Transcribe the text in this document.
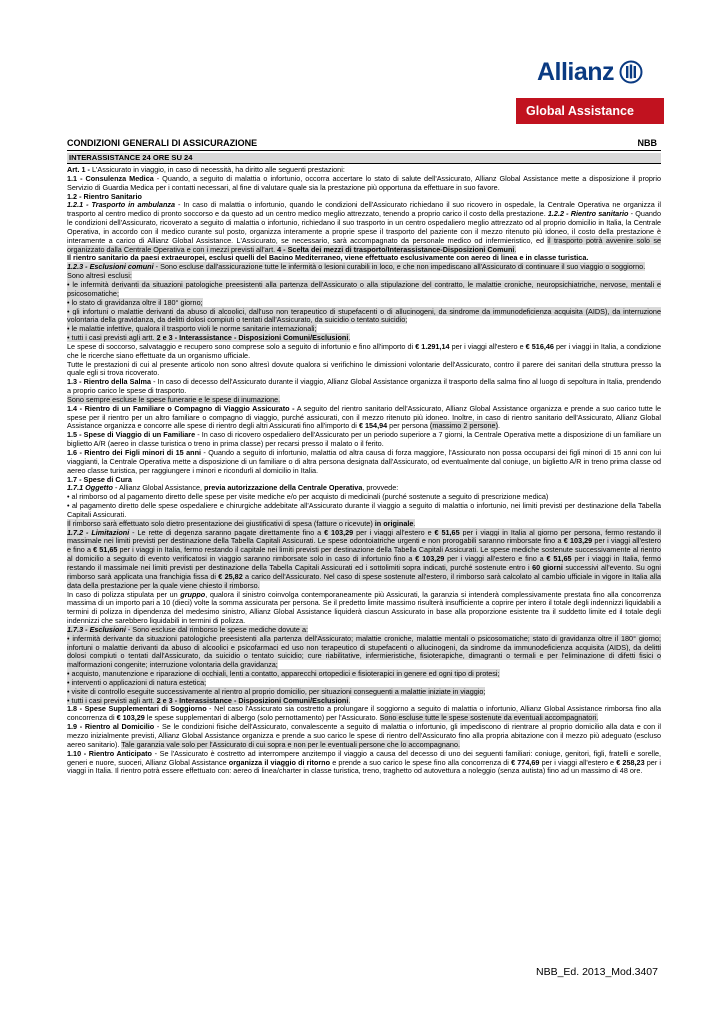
Allianz
Global Assistance
CONDIZIONI GENERALI DI ASSICURAZIONE	NBB
INTERASSISTANCE 24 ORE SU 24

Art. 1 - L'Assicurato in viaggio, in caso di necessità, ha diritto alle seguenti prestazioni:

1.1 - Consulenza Medica - Quando, a seguito di malattia o infortunio, occorra accertare lo stato di salute dell'Assicurato, Allianz Global Assistance mette a disposizione il proprio Servizio di Guardia Medica per i contatti necessari, al fine di valutare quale sia la prestazione più opportuna da effettuare in suo favore.

1.2 - Rientro Sanitario

1.2.1 - Trasporto in ambulanza - In caso di malattia o infortunio, quando le condizioni dell'Assicurato richiedano il suo ricovero in ospedale, la Centrale Operativa ne organizza il trasporto al centro medico di pronto soccorso e da questo ad un centro medico meglio attrezzato, tenendo a proprio carico il costo della prestazione. 1.2.2 - Rientro sanitario - Quando le condizioni dell'Assicurato, ricoverato a seguito di malattia o infortunio, richiedano il suo trasporto in un centro ospedaliero meglio attrezzato od al proprio domicilio in Italia, la Centrale Operativa, in accordo con il medico curante sul posto, organizza interamente a proprie spese il trasporto del paziente con il mezzo ritenuto più idoneo, il costo della prestazione è interamente a carico di Allianz Global Assistance. L'Assicurato, se necessario, sarà accompagnato da personale medico od infermieristico, ed il trasporto potrà avvenire solo se organizzato dalla Centrale Operativa e con i mezzi previsti all'art. 4 - Scelta dei mezzi di trasporto/Interassistance-Disposizioni Comuni.

Il rientro sanitario da paesi extraeuropei, esclusi quelli del Bacino Mediterraneo, viene effettuato esclusivamente con aereo di linea e in classe turistica.

1.2.3 - Esclusioni comuni - Sono escluse dall'assicurazione tutte le infermità o lesioni curabili in loco, e che non impediscano all'Assicurato di continuare il suo viaggio o soggiorno.

Sono altresì esclusi:

• le infermità derivanti da situazioni patologiche preesistenti alla partenza dell'Assicurato o alla stipulazione del contratto, le malattie croniche, neuropsichiatriche, nervose, mentali e psicosomatiche;

• lo stato di gravidanza oltre il 180° giorno;

• gli infortuni o malattie derivanti da abuso di alcoolici, dall'uso non terapeutico di stupefacenti o di allucinogeni, da sindrome da immunodeficienza acquisita (AIDS), da interruzione volontaria della gravidanza, da delitti dolosi compiuti o tentati dall'Assicurato, da suicidio o tentato suicidio;

• le malattie infettive, qualora il trasporto violi le norme sanitarie internazionali;

• tutti i casi previsti agli artt. 2 e 3 - Interassistance - Disposizioni Comuni/Esclusioni.

Le spese di soccorso, salvataggio e recupero sono comprese solo a seguito di infortunio e fino all'importo di € 1.291,14 per i viaggi all'estero e € 516,46 per i viaggi in Italia, a condizione che le ricerche siano effettuate da un organismo ufficiale.

Tutte le prestazioni di cui al presente articolo non sono altresì dovute qualora si verifichino le dimissioni volontarie dell'Assicurato, contro il parere dei sanitari della struttura presso la quale egli si trova ricoverato.

1.3 - Rientro della Salma - In caso di decesso dell'Assicurato durante il viaggio, Allianz Global Assistance organizza il trasporto della salma fino al luogo di sepoltura in Italia, prendendo a proprio carico le spese di trasporto.

Sono sempre escluse le spese funerarie e le spese di inumazione.

1.4 - Rientro di un Familiare o Compagno di Viaggio Assicurato - A seguito del rientro sanitario dell'Assicurato, Allianz Global Assistance organizza e prende a suo carico tutte le spese per il rientro per un altro familiare o compagno di viaggio, purché assicurati, con il mezzo ritenuto più idoneo. Inoltre, in caso di rientro sanitario dell'Assicurato, Allianz Global Assistance organizza e concorre alle spese di rientro degli altri Assicurati fino all'importo di € 154,94 per persona (massimo 2 persone).

1.5 - Spese di Viaggio di un Familiare - In caso di ricovero ospedaliero dell'Assicurato per un periodo superiore a 7 giorni, la Centrale Operativa mette a disposizione di un familiare un biglietto A/R (aereo in classe turistica o treno in prima classe) per recarsi presso il malato o il ferito.

1.6 - Rientro dei Figli minori di 15 anni - Quando a seguito di infortunio, malattia od altra causa di forza maggiore, l'Assicurato non possa occuparsi dei figli minori di 15 anni con lui viaggianti, la Centrale Operativa mette a disposizione di un familiare o di altra persona designata dall'Assicurato, od eventualmente dal coniuge, un biglietto A/R in treno prima classe od aereo classe turistica, per raggiungere i minori e ricondurli al domicilio in Italia.

1.7 - Spese di Cura

1.7.1 Oggetto - Allianz Global Assistance, previa autorizzazione della Centrale Operativa, provvede:

• al rimborso od al pagamento diretto delle spese per visite mediche e/o per acquisto di medicinali (purché sostenute a seguito di prescrizione medica)

• al pagamento diretto delle spese ospedaliere e chirurgiche addebitate all'Assicurato durante il viaggio a seguito di malattia o infortunio, nei limiti previsti per destinazione della Tabella Capitali Assicurati.

Il rimborso sarà effettuato solo dietro presentazione dei giustificativi di spesa (fatture o ricevute) in originale.

1.7.2 - Limitazioni - Le rette di degenza saranno pagate direttamente fino a € 103,29 per i viaggi all'estero e € 51,65 per i viaggi in Italia al giorno per persona, fermo restando il massimale nei limiti previsti per destinazione della Tabella Capitali Assicurati. Le spese odontoiatriche urgenti e non prorogabili saranno rimborsate fino a € 103,29 per i viaggi all'estero e fino a € 51,65 per i viaggi in Italia, fermo restando il capitale nei limiti previsti per destinazione della Tabella Capitali Assicurati. Le spese mediche sostenute successivamente al rientro al domicilio a seguito di evento verificatosi in viaggio saranno rimborsate solo in caso di infortunio fino a € 103,29 per i viaggi all'estero e fino a € 51,65 per i viaggi in Italia, fermo restando il massimale nei limiti previsti per destinazione della Tabella Capitali Assicurati ed i sottolimiti sopra indicati, purché sostenute entro i 60 giorni successivi all'evento. Su ogni rimborso sarà applicata una franchigia fissa di € 25,82 a carico dell'Assicurato. Nel caso di spese sostenute all'estero, il rimborso sarà calcolato al cambio ufficiale in vigore in Italia alla data della prestazione per la quale viene chiesto il rimborso.

In caso di polizza stipulata per un gruppo, qualora il sinistro coinvolga contemporaneamente più Assicurati, la garanzia si intenderà complessivamente prestata fino alla concorrenza massima di un importo pari a 10 (dieci) volte la somma assicurata per persona. Se il predetto limite massimo risulterà insufficiente a coprire per intero il totale degli indennizzi liquidabili a termini di polizza in dipendenza del medesimo sinistro, Allianz Global Assistance liquiderà ciascun Assicurato in base alla proporzione esistente tra il suddetto limite ed il totale degli indennizzi che sarebbero liquidabili in termini di polizza.

1.7.3 - Esclusioni - Sono escluse dal rimborso le spese mediche dovute a:

• infermità derivante da situazioni patologiche preesistenti alla partenza dell'Assicurato; malattie croniche, malattie mentali o psicosomatiche; stato di gravidanza oltre il 180° giorno; infortuni o malattie derivanti da abuso di alcoolici e psicofarmaci ed uso non terapeutico di stupefacenti o allucinogeni, da sindrome da immunodeficienza acquisita (AIDS), da delitti dolosi compiuti o tentati dall'Assicurato, da suicidio o tentato suicidio; cure riabilitative, infermieristiche, fisioterapiche, dimagranti o termali e per l'eliminazione di difetti fisici o malformazioni congenite; interruzione volontaria della gravidanza;

• acquisto, manutenzione e riparazione di occhiali, lenti a contatto, apparecchi ortopedici e fisioterapici in genere ed ogni tipo di protesi;

• interventi o applicazioni di natura estetica;

• visite di controllo eseguite successivamente al rientro al proprio domicilio, per situazioni conseguenti a malattie iniziate in viaggio;

• tutti i casi previsti agli artt. 2 e 3 - Interassistance - Disposizioni Comuni/Esclusioni.

1.8 - Spese Supplementari di Soggiorno - Nel caso l'Assicurato sia costretto a prolungare il soggiorno a seguito di malattia o infortunio, Allianz Global Assistance rimborsa fino alla concorrenza di € 103,29 le spese supplementari di albergo (solo pernottamento) per l'Assicurato. Sono escluse tutte le spese sostenute da eventuali accompagnatori.

1.9 - Rientro al Domicilio - Se le condizioni fisiche dell'Assicurato, convalescente a seguito di malattia o infortunio, gli impediscono di rientrare al proprio domicilio alla data e con il mezzo inizialmente previsti, Allianz Global Assistance organizza e prende a suo carico le spese di rientro dell'Assicurato fino alla propria abitazione con il mezzo più adeguato (escluso aereo sanitario). Tale garanzia vale solo per l'Assicurato di cui sopra e non per le eventuali persone che lo accompagnano.

1.10 - Rientro Anticipato - Se l'Assicurato è costretto ad interrompere anzitempo il viaggio a causa del decesso di uno dei seguenti familiari: coniuge, genitori, figli, fratelli e sorelle, generi e nuore, suoceri, Allianz Global Assistance organizza il viaggio di ritorno e prende a suo carico le spese fino alla concorrenza di € 774,69 per i viaggi all'estero e € 258,23 per i viaggi in Italia. Il rientro potrà essere effettuato con: aereo di linea/charter in classe turistica, treno, traghetto od autovettura a noleggio (senza autista) fino ad un massimo di 48 ore.

NBB_Ed. 2013_Mod.3407
